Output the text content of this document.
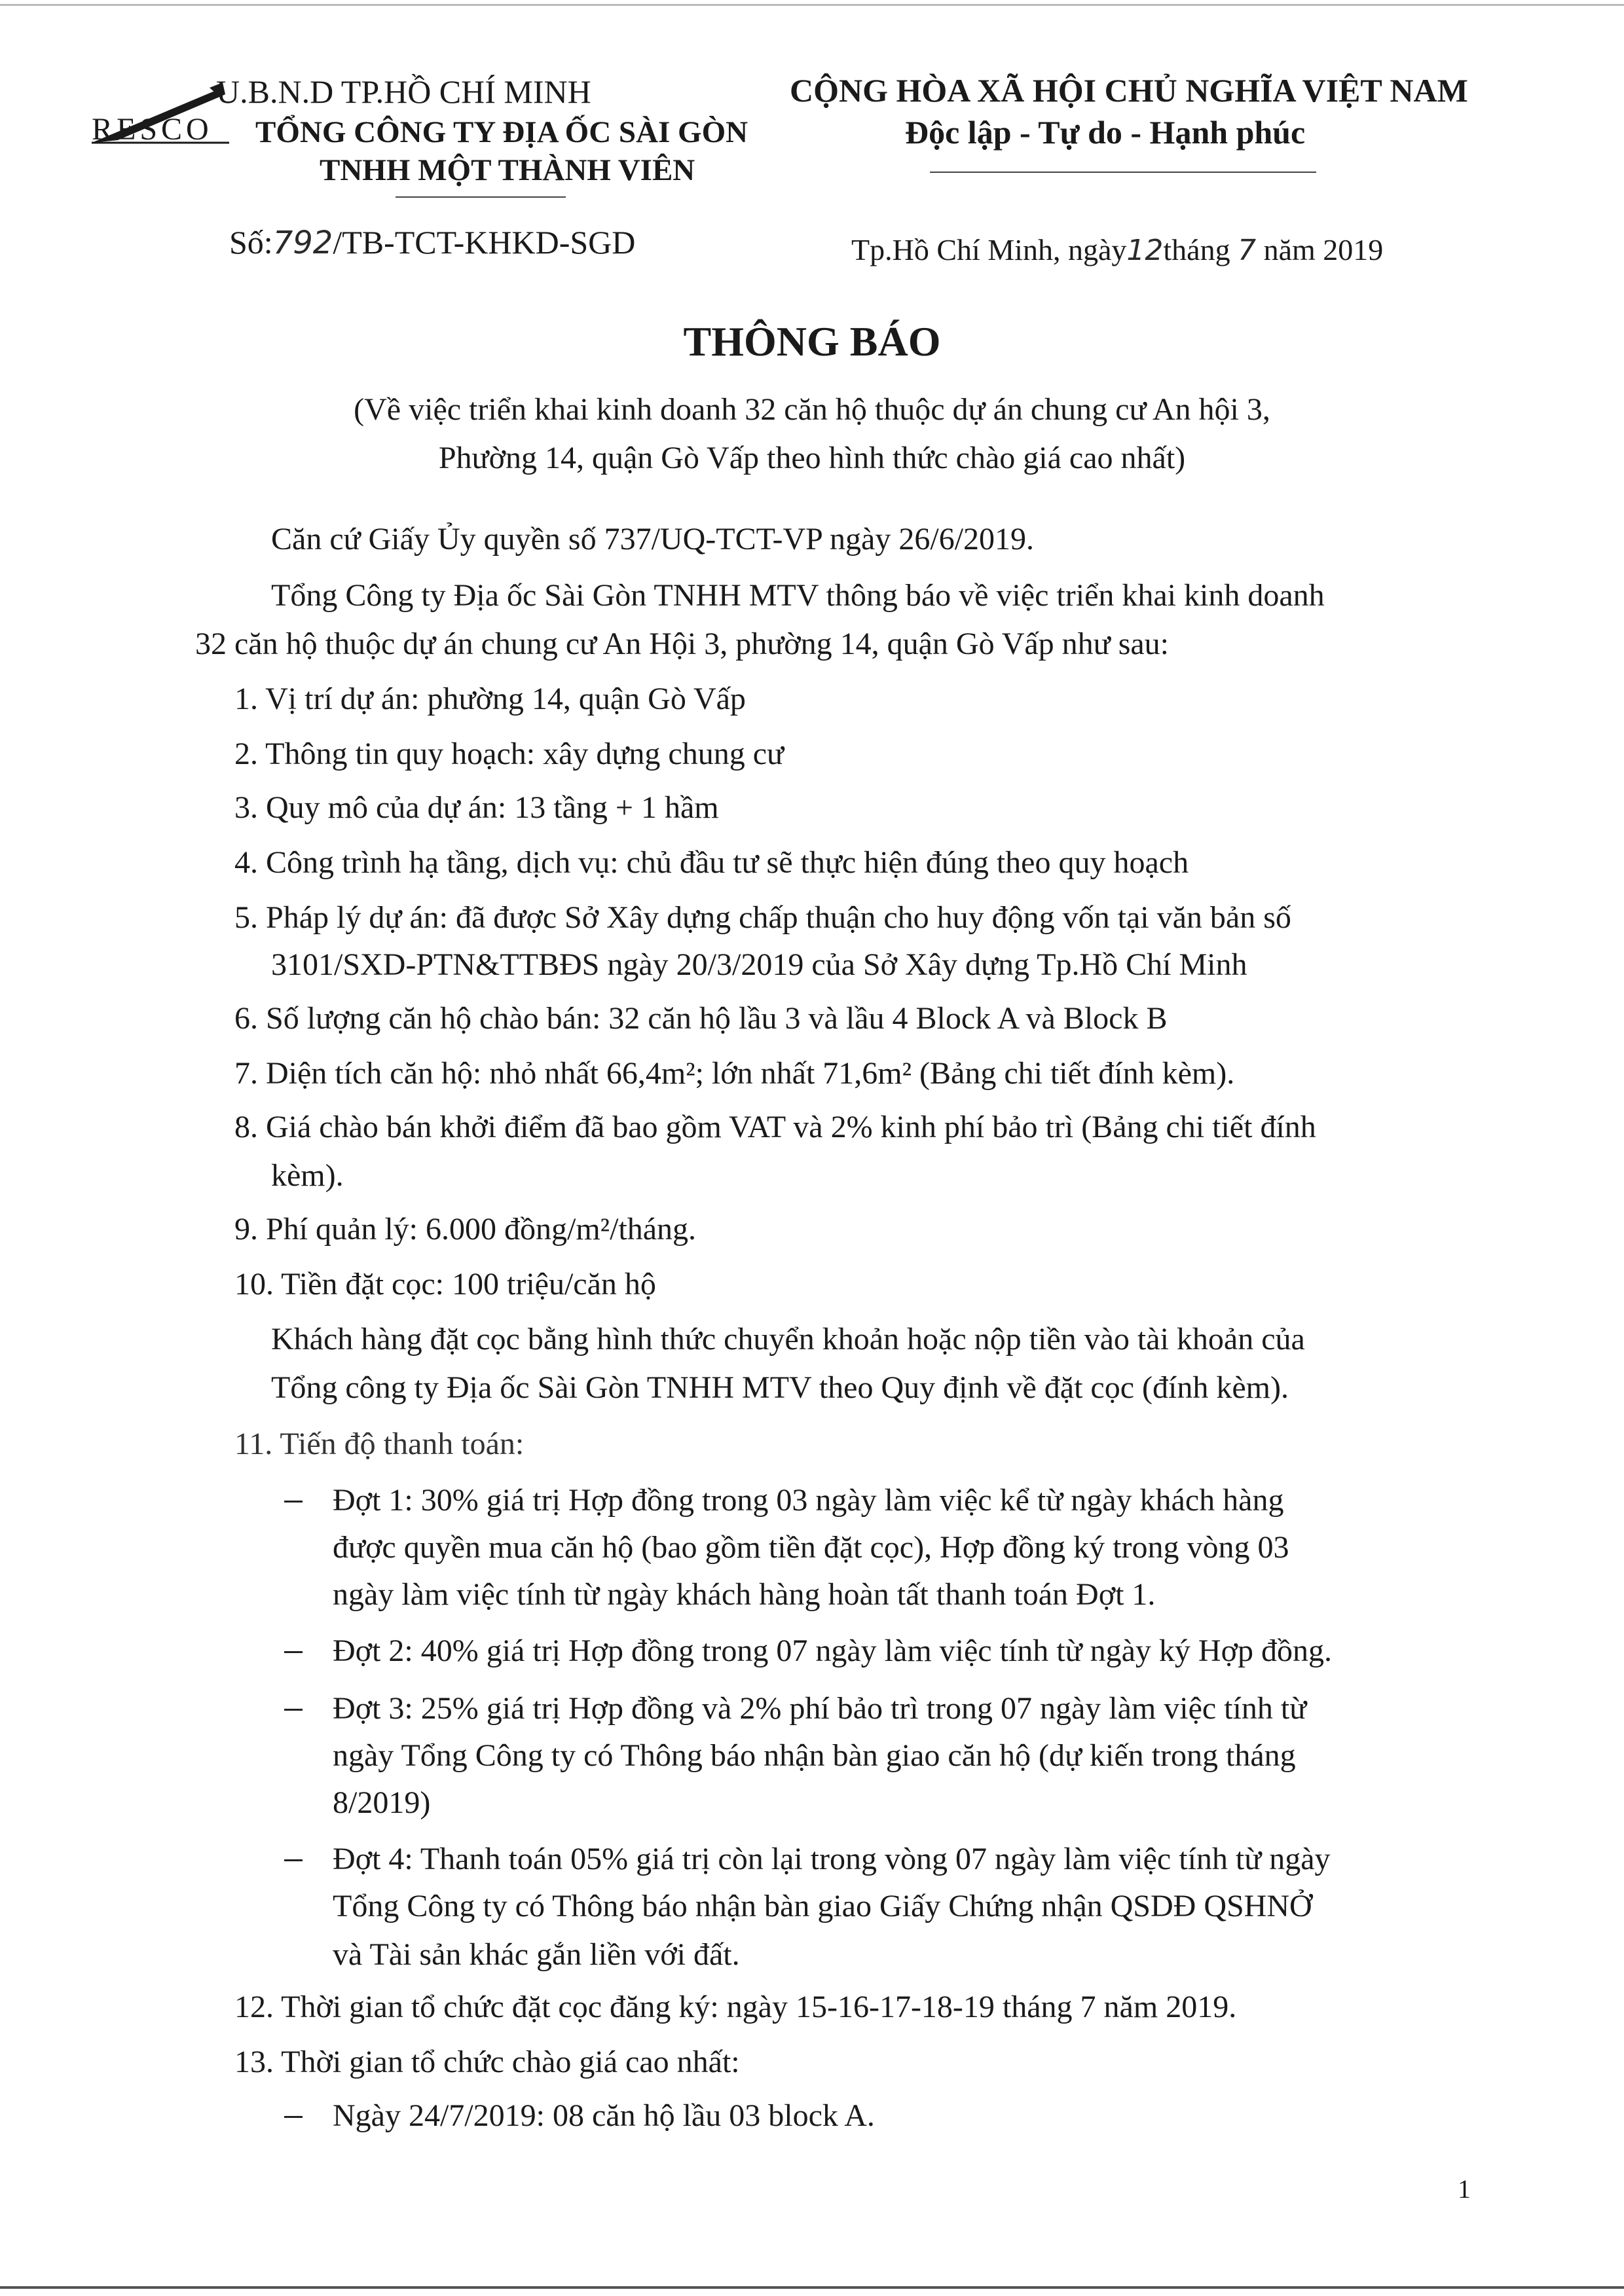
RESCO
U.B.N.D TP.HỒ CHÍ MINH
TỔNG CÔNG TY ĐỊA ỐC SÀI GÒN
TNHH MỘT THÀNH VIÊN
Số:792/TB-TCT-KHKD-SGD
CỘNG HÒA XÃ HỘI CHỦ NGHĨA VIỆT NAM
Độc lập - Tự do - Hạnh phúc
Tp.Hồ Chí Minh, ngày12tháng 7 năm 2019
THÔNG BÁO
(Về việc triển khai kinh doanh 32 căn hộ thuộc dự án chung cư An hội 3,
Phường 14, quận Gò Vấp theo hình thức chào giá cao nhất)
Căn cứ Giấy Ủy quyền số 737/UQ-TCT-VP ngày 26/6/2019.
Tổng Công ty Địa ốc Sài Gòn TNHH MTV thông báo về việc triển khai kinh doanh
32 căn hộ thuộc dự án chung cư An Hội 3, phường 14, quận Gò Vấp như sau:
1. Vị trí dự án: phường 14, quận Gò Vấp
2. Thông tin quy hoạch: xây dựng chung cư
3. Quy mô của dự án: 13 tầng + 1 hầm
4. Công trình hạ tầng, dịch vụ: chủ đầu tư sẽ thực hiện đúng theo quy hoạch
5. Pháp lý dự án: đã được Sở Xây dựng chấp thuận cho huy động vốn tại văn bản số
3101/SXD-PTN&TTBĐS ngày 20/3/2019 của Sở Xây dựng Tp.Hồ Chí Minh
6. Số lượng căn hộ chào bán: 32 căn hộ lầu 3 và lầu 4 Block A và Block B
7. Diện tích căn hộ: nhỏ nhất 66,4m²; lớn nhất 71,6m² (Bảng chi tiết đính kèm).
8. Giá chào bán khởi điểm đã bao gồm VAT và 2% kinh phí bảo trì (Bảng chi tiết đính
kèm).
9. Phí quản lý: 6.000 đồng/m²/tháng.
10. Tiền đặt cọc: 100 triệu/căn hộ
Khách hàng đặt cọc bằng hình thức chuyển khoản hoặc nộp tiền vào tài khoản của
Tổng công ty Địa ốc Sài Gòn TNHH MTV theo Quy định về đặt cọc (đính kèm).
11. Tiến độ thanh toán:
Đợt 1: 30% giá trị Hợp đồng trong 03 ngày làm việc kể từ ngày khách hàng
được quyền mua căn hộ (bao gồm tiền đặt cọc), Hợp đồng ký trong vòng 03
ngày làm việc tính từ ngày khách hàng hoàn tất thanh toán Đợt 1.
Đợt 2: 40% giá trị Hợp đồng trong 07 ngày làm việc tính từ ngày ký Hợp đồng.
Đợt 3: 25% giá trị Hợp đồng và 2% phí bảo trì trong 07 ngày làm việc tính từ
ngày Tổng Công ty có Thông báo nhận bàn giao căn hộ (dự kiến trong tháng
8/2019)
Đợt 4: Thanh toán 05% giá trị còn lại trong vòng 07 ngày làm việc tính từ ngày
Tổng Công ty có Thông báo nhận bàn giao Giấy Chứng nhận QSDĐ QSHNỞ
và Tài sản khác gắn liền với đất.
12. Thời gian tổ chức đặt cọc đăng ký: ngày 15-16-17-18-19 tháng 7 năm 2019.
13. Thời gian tổ chức chào giá cao nhất:
Ngày 24/7/2019: 08 căn hộ lầu 03 block A.
1
